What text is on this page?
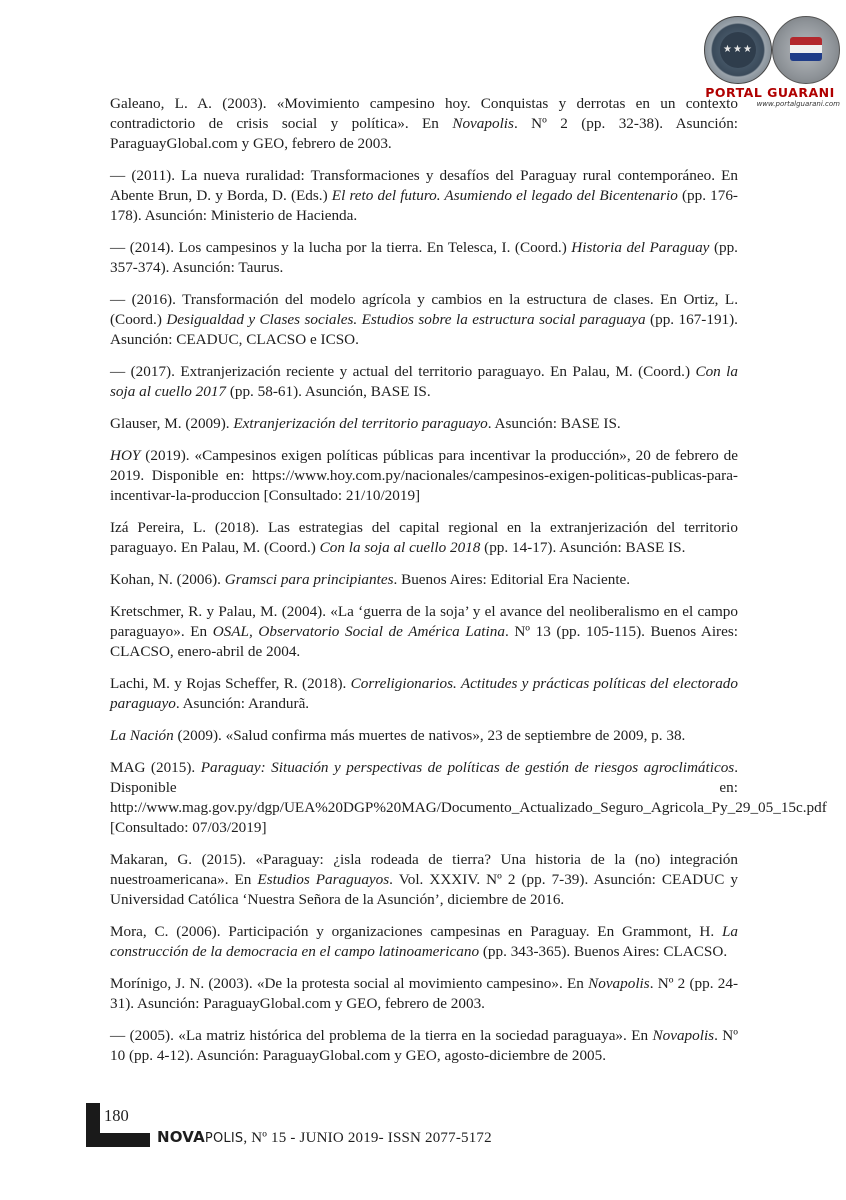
★★★
PORTAL GUARANI
www.portalguarani.com

Galeano, L. A. (2003). «Movimiento campesino hoy. Conquistas y derrotas en un contexto contradictorio de crisis social y política». En Novapolis. Nº 2 (pp. 32-38). Asunción: ParaguayGlobal.com y GEO, febrero de 2003.

— (2011). La nueva ruralidad: Transformaciones y desafíos del Paraguay rural contemporáneo. En Abente Brun, D. y Borda, D. (Eds.) El reto del futuro. Asumiendo el legado del Bicentenario (pp. 176-178). Asunción: Ministerio de Hacienda.

— (2014). Los campesinos y la lucha por la tierra. En Telesca, I. (Coord.) Historia del Paraguay (pp. 357-374). Asunción: Taurus.

— (2016). Transformación del modelo agrícola y cambios en la estructura de clases. En Ortiz, L. (Coord.) Desigualdad y Clases sociales. Estudios sobre la estructura social paraguaya (pp. 167-191). Asunción: CEADUC, CLACSO e ICSO.

— (2017). Extranjerización reciente y actual del territorio paraguayo. En Palau, M. (Coord.) Con la soja al cuello 2017 (pp. 58-61). Asunción, BASE IS.

Glauser, M. (2009). Extranjerización del territorio paraguayo. Asunción: BASE IS.

HOY (2019). «Campesinos exigen políticas públicas para incentivar la producción», 20 de febrero de 2019. Disponible en: https://www.hoy.com.py/nacionales/campesinos-exigen-politicas-publicas-para-incentivar-la-produccion [Consultado: 21/10/2019]

Izá Pereira, L. (2018). Las estrategias del capital regional en la extranjerización del territorio paraguayo. En Palau, M. (Coord.) Con la soja al cuello 2018 (pp. 14-17). Asunción: BASE IS.

Kohan, N. (2006). Gramsci para principiantes. Buenos Aires: Editorial Era Naciente.

Kretschmer, R. y Palau, M. (2004). «La ‘guerra de la soja’ y el avance del neoliberalismo en el campo paraguayo». En OSAL, Observatorio Social de América Latina. Nº 13 (pp. 105-115). Buenos Aires: CLACSO, enero-abril de 2004.

Lachi, M. y Rojas Scheffer, R. (2018). Correligionarios. Actitudes y prácticas políticas del electorado paraguayo. Asunción: Arandurã.

La Nación (2009). «Salud confirma más muertes de nativos», 23 de septiembre de 2009, p. 38.

MAG (2015). Paraguay: Situación y perspectivas de políticas de gestión de riesgos agroclimáticos. Disponible en: http://www.mag.gov.py/dgp/UEA%20DGP%20MAG/Documento_Actualizado_Seguro_Agricola_Py_29_05_15c.pdf [Consultado: 07/03/2019]

Makaran, G. (2015). «Paraguay: ¿isla rodeada de tierra? Una historia de la (no) integración nuestroamericana». En Estudios Paraguayos. Vol. XXXIV. Nº 2 (pp. 7-39). Asunción: CEADUC y Universidad Católica ‘Nuestra Señora de la Asunción’, diciembre de 2016.

Mora, C. (2006). Participación y organizaciones campesinas en Paraguay. En Grammont, H. La construcción de la democracia en el campo latinoamericano (pp. 343-365). Buenos Aires: CLACSO.

Morínigo, J. N. (2003). «De la protesta social al movimiento campesino». En Novapolis. Nº 2 (pp. 24-31). Asunción: ParaguayGlobal.com y GEO, febrero de 2003.

— (2005). «La matriz histórica del problema de la tierra en la sociedad paraguaya». En Novapolis. Nº 10 (pp. 4-12). Asunción: ParaguayGlobal.com y GEO, agosto-diciembre de 2005.

180
NOVAPOLIS, Nº 15 - JUNIO 2019- ISSN 2077-5172
